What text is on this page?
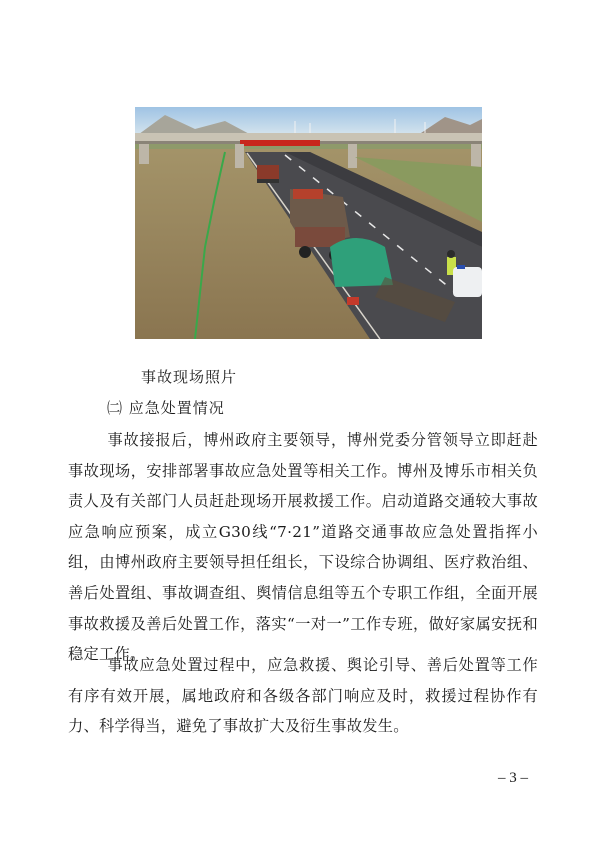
事故现场照片
㈡ 应急处置情况

事故接报后，博州政府主要领导，博州党委分管领导立即赶赴事故现场，安排部署事故应急处置等相关工作。博州及博乐市相关负责人及有关部门人员赶赴现场开展救援工作。启动道路交通较大事故应急响应预案，成立G30线“7·21”道路交通事故应急处置指挥小组，由博州政府主要领导担任组长，下设综合协调组、医疗救治组、善后处置组、事故调查组、舆情信息组等五个专职工作组，全面开展事故救援及善后处置工作，落实“一对一”工作专班，做好家属安抚和稳定工作。

事故应急处置过程中，应急救援、舆论引导、善后处置等工作有序有效开展，属地政府和各级各部门响应及时，救援过程协作有力、科学得当，避免了事故扩大及衍生事故发生。

– 3 –
